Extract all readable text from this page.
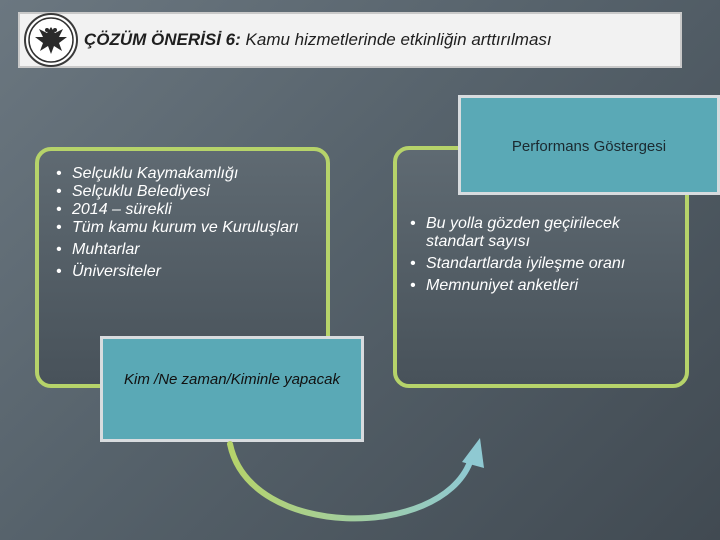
ÇÖZÜM ÖNERİSİ 6: Kamu hizmetlerinde etkinliğin arttırılması
• Selçuklu Kaymakamlığı
• Selçuklu Belediyesi
• 2014 – sürekli
• Tüm kamu kurum ve Kuruluşları
• Muhtarlar
• Üniversiteler
Performans Göstergesi
• Bu yolla gözden geçirilecek standart sayısı
• Standartlarda iyileşme oranı
• Memnuniyet anketleri
Kim /Ne zaman/Kiminle yapacak
